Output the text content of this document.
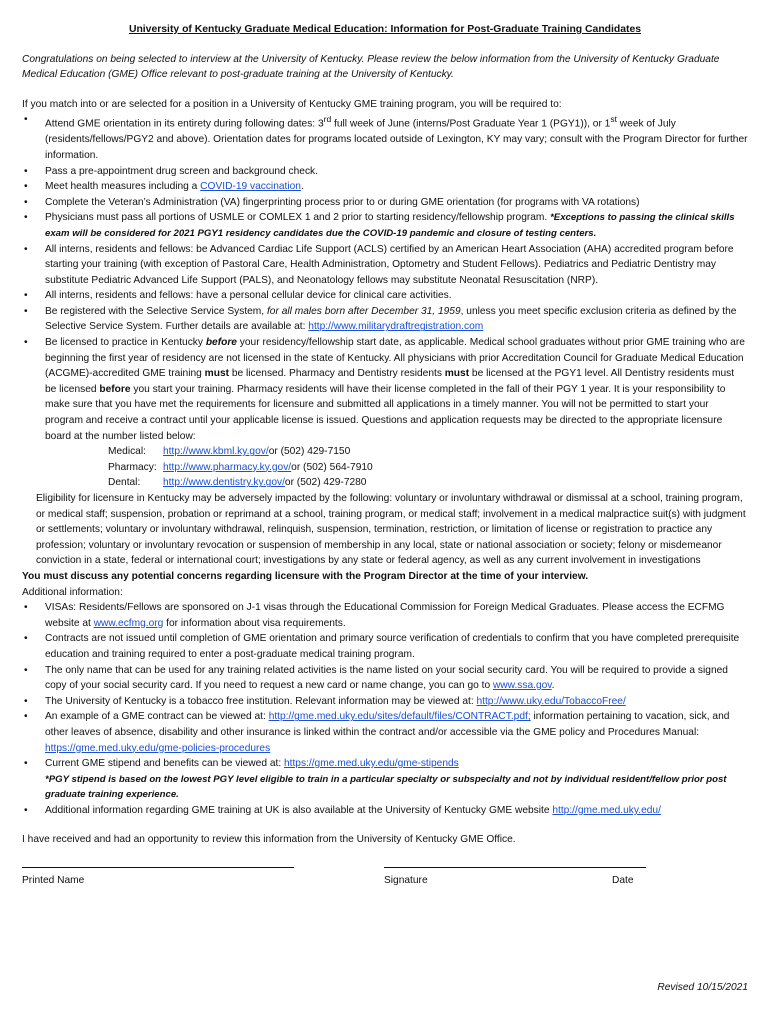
University of Kentucky Graduate Medical Education: Information for Post-Graduate Training Candidates

Congratulations on being selected to interview at the University of Kentucky. Please review the below information from the University of Kentucky Graduate Medical Education (GME) Office relevant to post-graduate training at the University of Kentucky.

If you match into or are selected for a position in a University of Kentucky GME training program, you will be required to:

• Attend GME orientation in its entirety during following dates: 3rd full week of June (interns/Post Graduate Year 1 (PGY1)), or 1st week of July (residents/fellows/PGY2 and above). Orientation dates for programs located outside of Lexington, KY may vary; consult with the Program Director for further information.
• Pass a pre-appointment drug screen and background check.
• Meet health measures including a COVID-19 vaccination.
• Complete the Veteran’s Administration (VA) fingerprinting process prior to or during GME orientation (for programs with VA rotations)
• Physicians must pass all portions of USMLE or COMLEX 1 and 2 prior to starting residency/fellowship program. *Exceptions to passing the clinical skills exam will be considered for 2021 PGY1 residency candidates due the COVID-19 pandemic and closure of testing centers.
• All interns, residents and fellows: be Advanced Cardiac Life Support (ACLS) certified by an American Heart Association (AHA) accredited program before starting your training (with exception of Pastoral Care, Health Administration, Optometry and Student Fellows). Pediatrics and Pediatric Dentistry may substitute Pediatric Advanced Life Support (PALS), and Neonatology fellows may substitute Neonatal Resuscitation (NRP).
• All interns, residents and fellows: have a personal cellular device for clinical care activities.
• Be registered with the Selective Service System, for all males born after December 31, 1959, unless you meet specific exclusion criteria as defined by the Selective Service System. Further details are available at: http://www.militarydraftregistration.com
• Be licensed to practice in Kentucky before your residency/fellowship start date, as applicable. Medical school graduates without prior GME training who are beginning the first year of residency are not licensed in the state of Kentucky. All physicians with prior Accreditation Council for Graduate Medical Education (ACGME)-accredited GME training must be licensed. Pharmacy and Dentistry residents must be licensed at the PGY1 level. All Dentistry residents must be licensed before you start your training. Pharmacy residents will have their license completed in the fall of their PGY 1 year. It is your responsibility to make sure that you have met the requirements for licensure and submitted all applications in a timely manner. You will not be permitted to start your program and receive a contract until your applicable license is issued. Questions and application requests may be directed to the appropriate licensure board at the number listed below:
Medical:	http://www.kbml.ky.gov/ or (502) 429-7150
Pharmacy: http://www.pharmacy.ky.gov/ or (502) 564-7910
Dental:	http://www.dentistry.ky.gov/ or (502) 429-7280

Eligibility for licensure in Kentucky may be adversely impacted by the following: voluntary or involuntary withdrawal or dismissal at a school, training program, or medical staff; suspension, probation or reprimand at a school, training program, or medical staff; involvement in a medical malpractice suit(s) with judgment or settlements; voluntary or involuntary withdrawal, relinquish, suspension, termination, restriction, or limitation of license or registration to practice any profession; voluntary or involuntary revocation or suspension of membership in any local, state or national association or society; felony or misdemeanor conviction in a state, federal or international court; investigations by any state or federal agency, as well as any current involvement in investigations

You must discuss any potential concerns regarding licensure with the Program Director at the time of your interview.

Additional information:

• VISAs: Residents/Fellows are sponsored on J-1 visas through the Educational Commission for Foreign Medical Graduates. Please access the ECFMG website at www.ecfmg.org for information about visa requirements.
• Contracts are not issued until completion of GME orientation and primary source verification of credentials to confirm that you have completed prerequisite education and training required to enter a post-graduate medical training program.
• The only name that can be used for any training related activities is the name listed on your social security card. You will be required to provide a signed copy of your social security card. If you need to request a new card or name change, you can go to www.ssa.gov.
• The University of Kentucky is a tobacco free institution. Relevant information may be viewed at: http://www.uky.edu/TobaccoFree/
• An example of a GME contract can be viewed at: http://gme.med.uky.edu/sites/default/files/CONTRACT.pdf; information pertaining to vacation, sick, and other leaves of absence, disability and other insurance is linked within the contract and/or accessible via the GME policy and Procedures Manual: https://gme.med.uky.edu/gme-policies-procedures
• Current GME stipend and benefits can be viewed at: https://gme.med.uky.edu/gme-stipends
*PGY stipend is based on the lowest PGY level eligible to train in a particular specialty or subspecialty and not by individual resident/fellow prior post graduate training experience.
• Additional information regarding GME training at UK is also available at the University of Kentucky GME website http://gme.med.uky.edu/

I have received and had an opportunity to review this information from the University of Kentucky GME Office.

Printed Name	Signature	Date
Revised 10/15/2021
